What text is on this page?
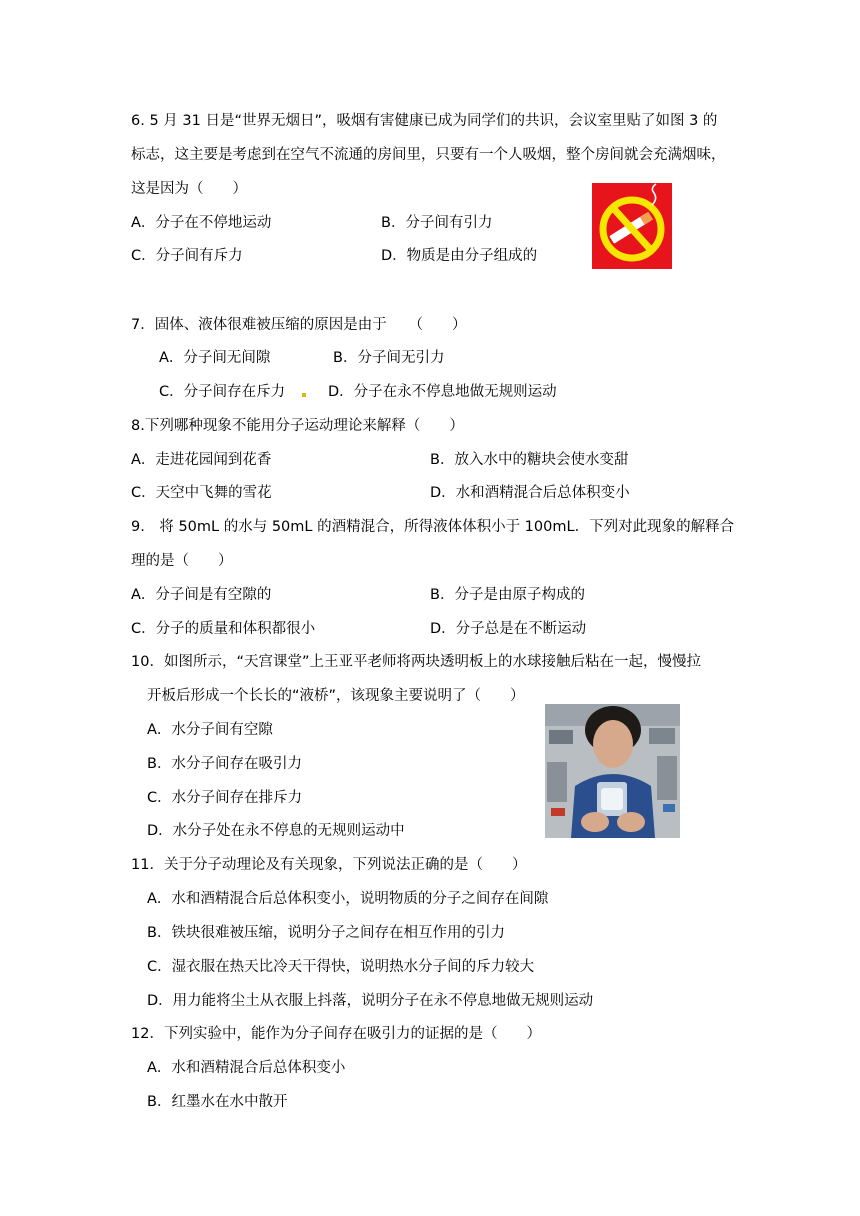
6. 5 月 31 日是“世界无烟日”，吸烟有害健康已成为同学们的共识，会议室里贴了如图 3 的
标志，这主要是考虑到在空气不流通的房间里，只要有一个人吸烟，整个房间就会充满烟味，
这是因为（　　）
A．分子在不停地运动	B．分子间有引力
C．分子间有斥力	D．物质是由分子组成的
7．固体、液体很难被压缩的原因是由于　　（　　）
A．分子间无间隙	B．分子间无引力
C．分子间存在斥力	D．分子在永不停息地做无规则运动
8.下列哪种现象不能用分子运动理论来解释（　　）
A．走进花园闻到花香	B．放入水中的糖块会使水变甜
C．天空中飞舞的雪花	D．水和酒精混合后总体积变小
9.　将 50mL 的水与 50mL 的酒精混合，所得液体体积小于 100mL．下列对此现象的解释合
理的是（　　）
A．分子间是有空隙的	B．分子是由原子构成的
C．分子的质量和体积都很小	D．分子总是在不断运动
10．如图所示，“天宫课堂”上王亚平老师将两块透明板上的水球接触后粘在一起，慢慢拉
开板后形成一个长长的“液桥”，该现象主要说明了（　　）
A．水分子间有空隙
B．水分子间存在吸引力
C．水分子间存在排斥力
D．水分子处在永不停息的无规则运动中
11．关于分子动理论及有关现象，下列说法正确的是（　　）
A．水和酒精混合后总体积变小，说明物质的分子之间存在间隙
B．铁块很难被压缩，说明分子之间存在相互作用的引力
C．湿衣服在热天比冷天干得快，说明热水分子间的斥力较大
D．用力能将尘土从衣服上抖落，说明分子在永不停息地做无规则运动
12．下列实验中，能作为分子间存在吸引力的证据的是（　　）
A．水和酒精混合后总体积变小
B．红墨水在水中散开
